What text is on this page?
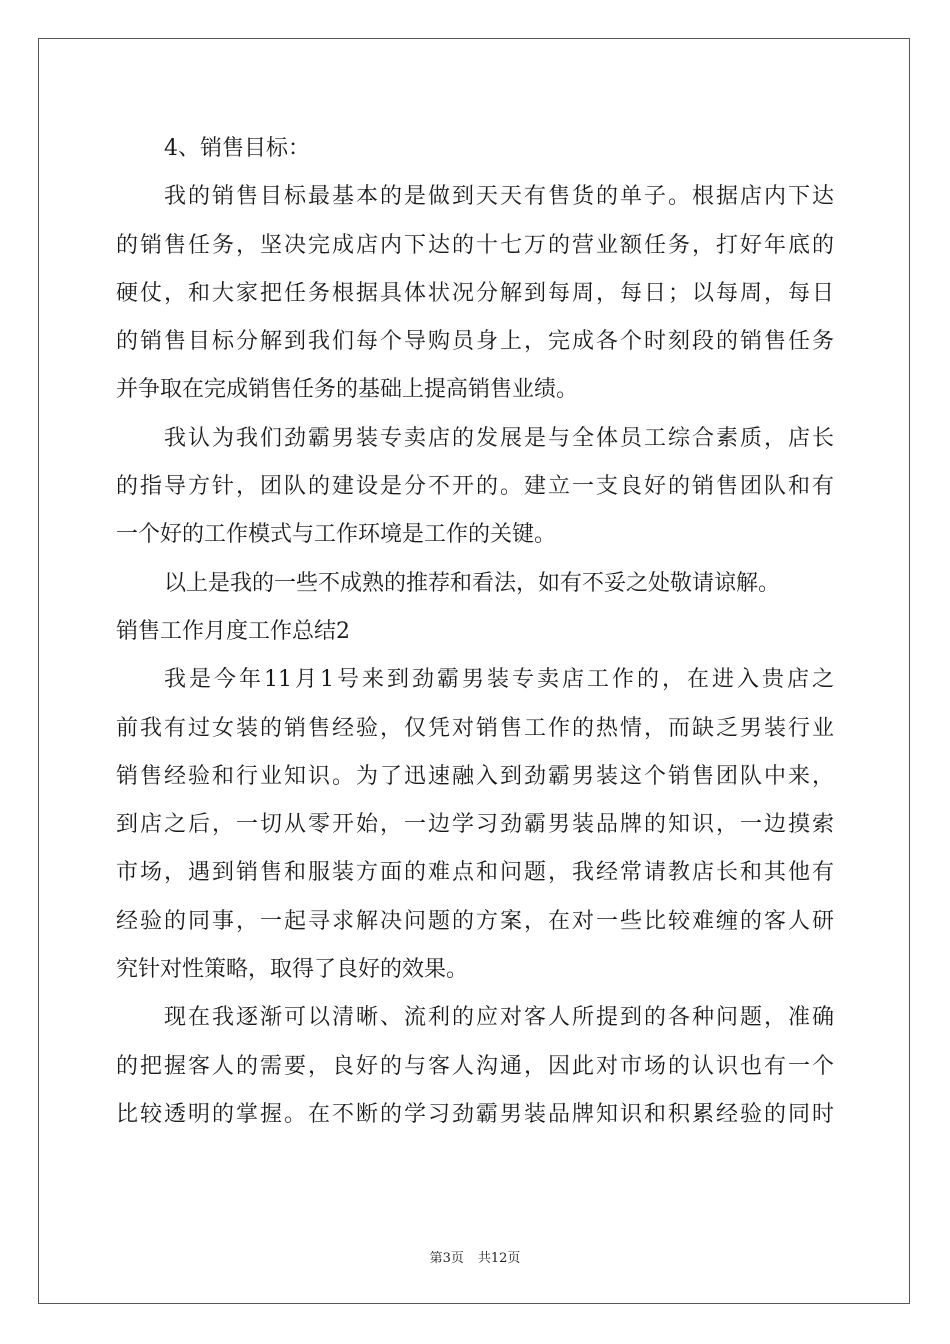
4、销售目标：
我的销售目标最基本的是做到天天有售货的单子。根据店内下达
的销售任务，坚决完成店内下达的十七万的营业额任务，打好年底的
硬仗，和大家把任务根据具体状况分解到每周，每日；以每周，每日
的销售目标分解到我们每个导购员身上，完成各个时刻段的销售任务
并争取在完成销售任务的基础上提高销售业绩。
我认为我们劲霸男装专卖店的发展是与全体员工综合素质，店长
的指导方针，团队的建设是分不开的。建立一支良好的销售团队和有
一个好的工作模式与工作环境是工作的关键。
以上是我的一些不成熟的推荐和看法，如有不妥之处敬请谅解。
销售工作月度工作总结2
我是今年11月1号来到劲霸男装专卖店工作的，在进入贵店之
前我有过女装的销售经验，仅凭对销售工作的热情，而缺乏男装行业
销售经验和行业知识。为了迅速融入到劲霸男装这个销售团队中来，
到店之后，一切从零开始，一边学习劲霸男装品牌的知识，一边摸索
市场，遇到销售和服装方面的难点和问题，我经常请教店长和其他有
经验的同事，一起寻求解决问题的方案，在对一些比较难缠的客人研
究针对性策略，取得了良好的效果。
现在我逐渐可以清晰、流利的应对客人所提到的各种问题，准确
的把握客人的需要，良好的与客人沟通，因此对市场的认识也有一个
比较透明的掌握。在不断的学习劲霸男装品牌知识和积累经验的同时
第3页 共12页
